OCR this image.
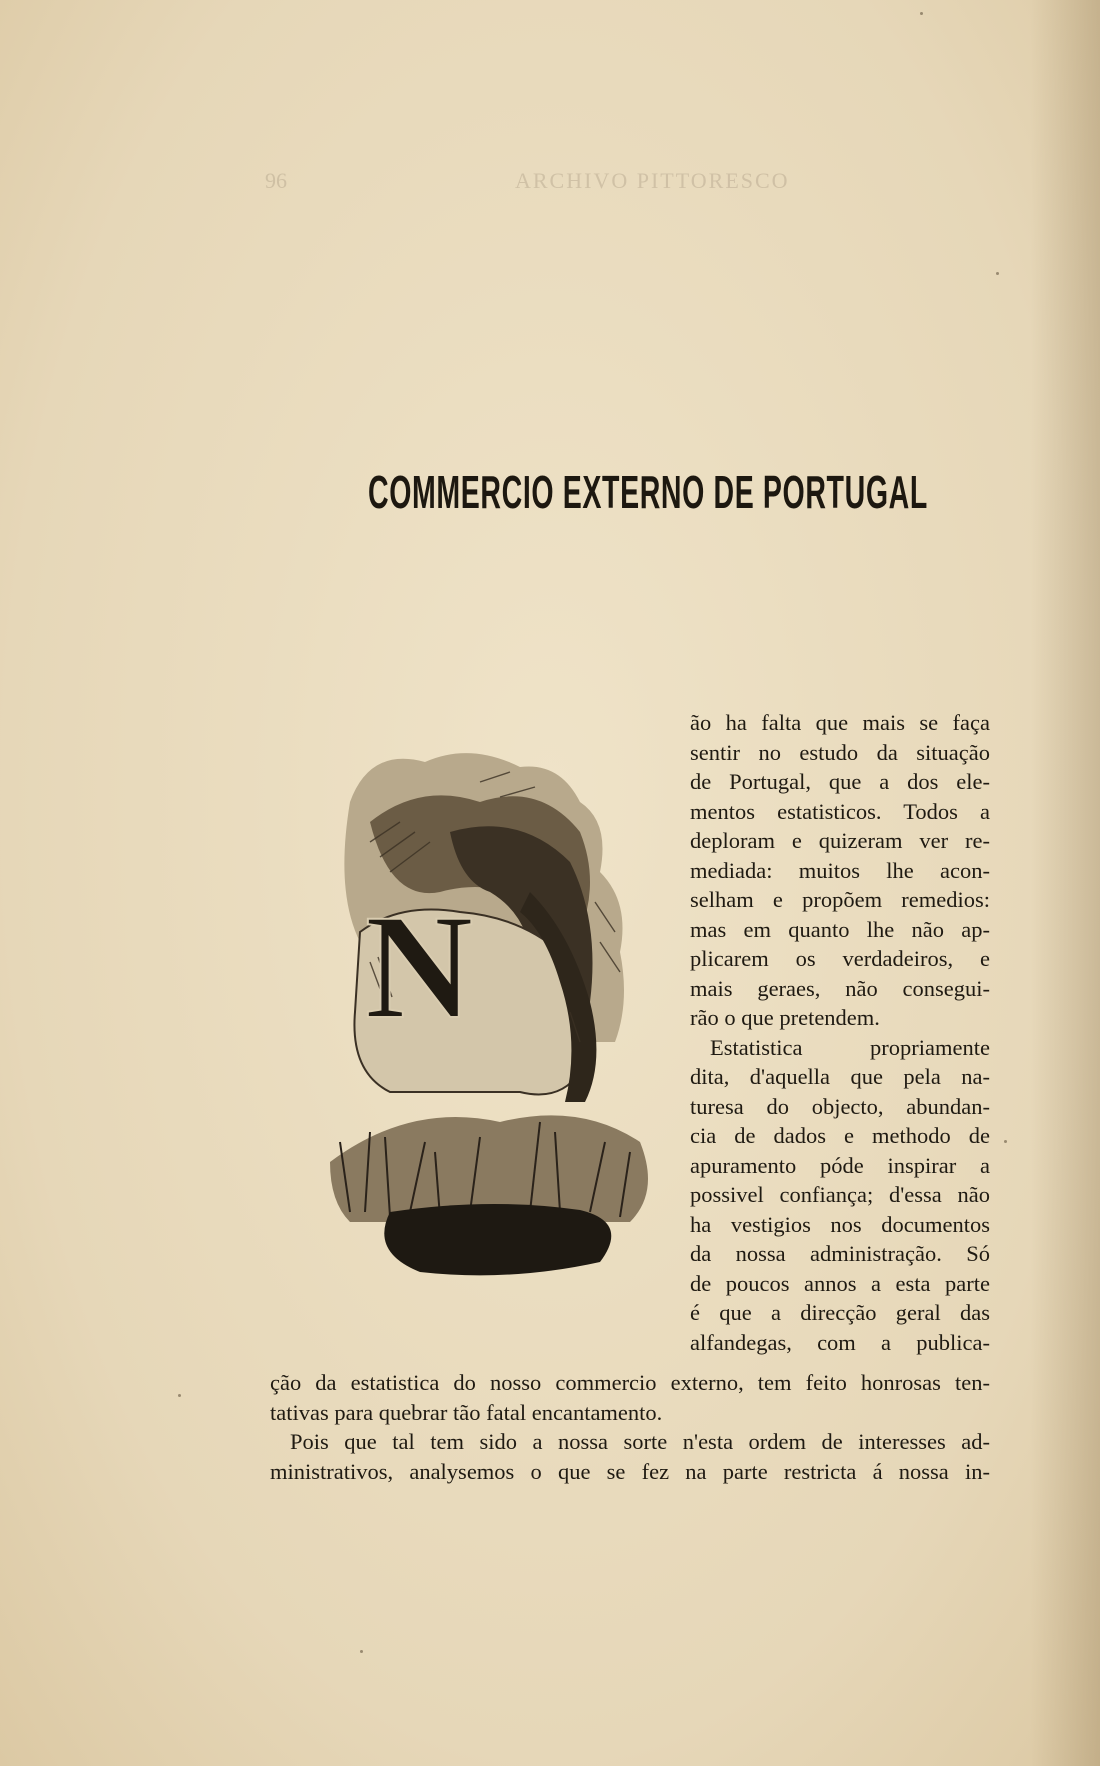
96	ARCHIVO PITTORESCO
COMMERCIO EXTERNO DE PORTUGAL
N
ão ha falta que mais se faça
sentir no estudo da situação
de Portugal, que a dos ele-
mentos estatisticos. Todos a
deploram e quizeram ver re-
mediada: muitos lhe acon-
selham e propõem remedios:
mas em quanto lhe não ap-
plicarem os verdadeiros, e
mais geraes, não consegui-
rão o que pretendem.
Estatistica propriamente
dita, d'aquella que pela na-
turesa do objecto, abundan-
cia de dados e methodo de
apuramento póde inspirar a
possivel confiança; d'essa não
ha vestigios nos documentos
da nossa administração. Só
de poucos annos a esta parte
é que a direcção geral das
alfandegas, com a publica-
ção da estatistica do nosso commercio externo, tem feito honrosas ten-
tativas para quebrar tão fatal encantamento.
Pois que tal tem sido a nossa sorte n'esta ordem de interesses ad-
ministrativos, analysemos o que se fez na parte restricta á nossa in-
